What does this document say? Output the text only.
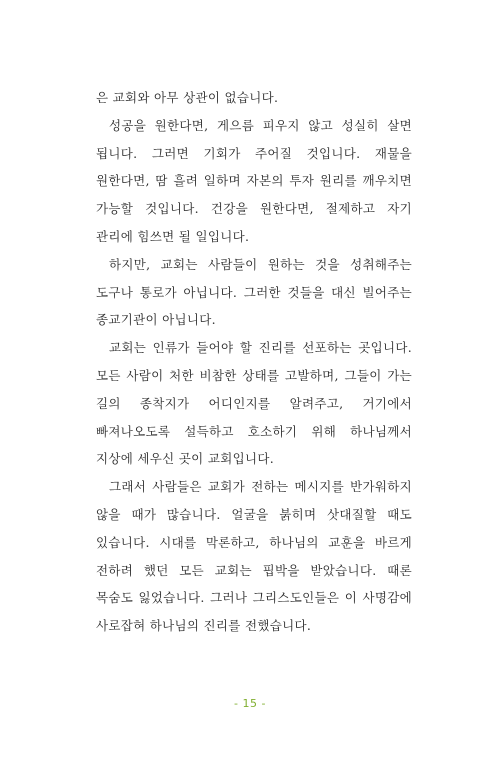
은 교회와 아무 상관이 없습니다.

성공을 원한다면, 게으름 피우지 않고 성실히 살면 됩니다. 그러면 기회가 주어질 것입니다. 재물을 원한다면, 땀 흘려 일하며 자본의 투자 원리를 깨우치면 가능할 것입니다. 건강을 원한다면, 절제하고 자기 관리에 힘쓰면 될 일입니다.

하지만, 교회는 사람들이 원하는 것을 성취해주는 도구나 통로가 아닙니다. 그러한 것들을 대신 빌어주는 종교기관이 아닙니다.

교회는 인류가 들어야 할 진리를 선포하는 곳입니다. 모든 사람이 처한 비참한 상태를 고발하며, 그들이 가는 길의 종착지가 어디인지를 알려주고, 거기에서 빠져나오도록 설득하고 호소하기 위해 하나님께서 지상에 세우신 곳이 교회입니다.

그래서 사람들은 교회가 전하는 메시지를 반가워하지 않을 때가 많습니다. 얼굴을 붉히며 삿대질할 때도 있습니다. 시대를 막론하고, 하나님의 교훈을 바르게 전하려 했던 모든 교회는 핍박을 받았습니다. 때론 목숨도 잃었습니다. 그러나 그리스도인들은 이 사명감에 사로잡혀 하나님의 진리를 전했습니다.

- 15 -
